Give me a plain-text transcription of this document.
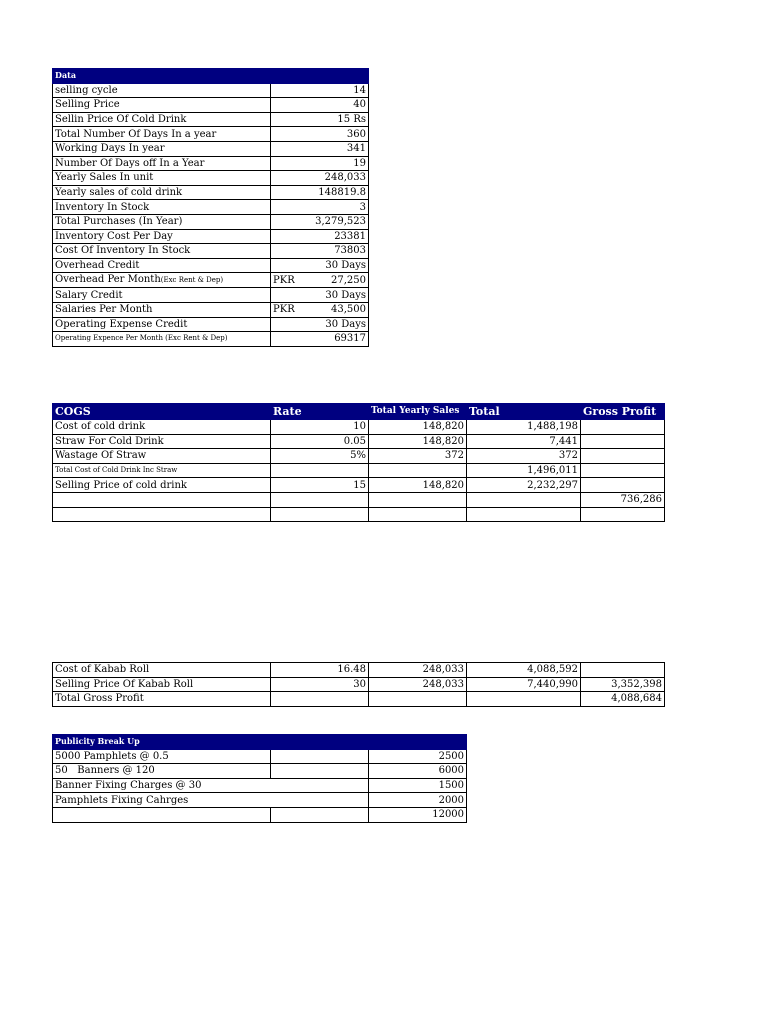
Data	
selling cycle	14
Selling Price	40
Sellin Price Of Cold Drink	15 Rs
Total Number Of Days In a year	360
Working Days In year	341
Number Of Days off In a Year	19
Yearly Sales In unit	248,033
Yearly sales of cold drink	148819.8
Inventory In Stock	3
Total Purchases (In Year)	3,279,523
Inventory Cost Per Day	23381
Cost Of Inventory In Stock	73803
Overhead Credit	30 Days
Overhead Per Month(Exc Rent & Dep)	PKR 27,250

Salary Credit	30 Days
Salaries Per Month	PKR 43,500

Operating Expense Credit	30 Days
Operating Expence Per Month (Exc Rent & Dep)	69317
COGS	Rate	Total Yearly Sales	Total	Gross Profit
Cost of cold drink	10	148,820	1,488,198	
Straw For Cold Drink	0.05	148,820	7,441	
Wastage Of Straw	5%	372	372	
Total Cost of Cold Drink Inc Straw			1,496,011	
Selling Price of cold drink	15	148,820	2,232,297	
				736,286

Cost of Kabab Roll	16.48	248,033	4,088,592	
Selling Price Of Kabab Roll	30	248,033	7,440,990	3,352,398
Total Gross Profit				4,088,684
Publicity Break Up		
5000 Pamphlets @ 0.5		2500
50   Banners @ 120		6000
Banner Fixing Charges @ 30		1500
Pamphlets Fixing Cahrges		2000
		12000
